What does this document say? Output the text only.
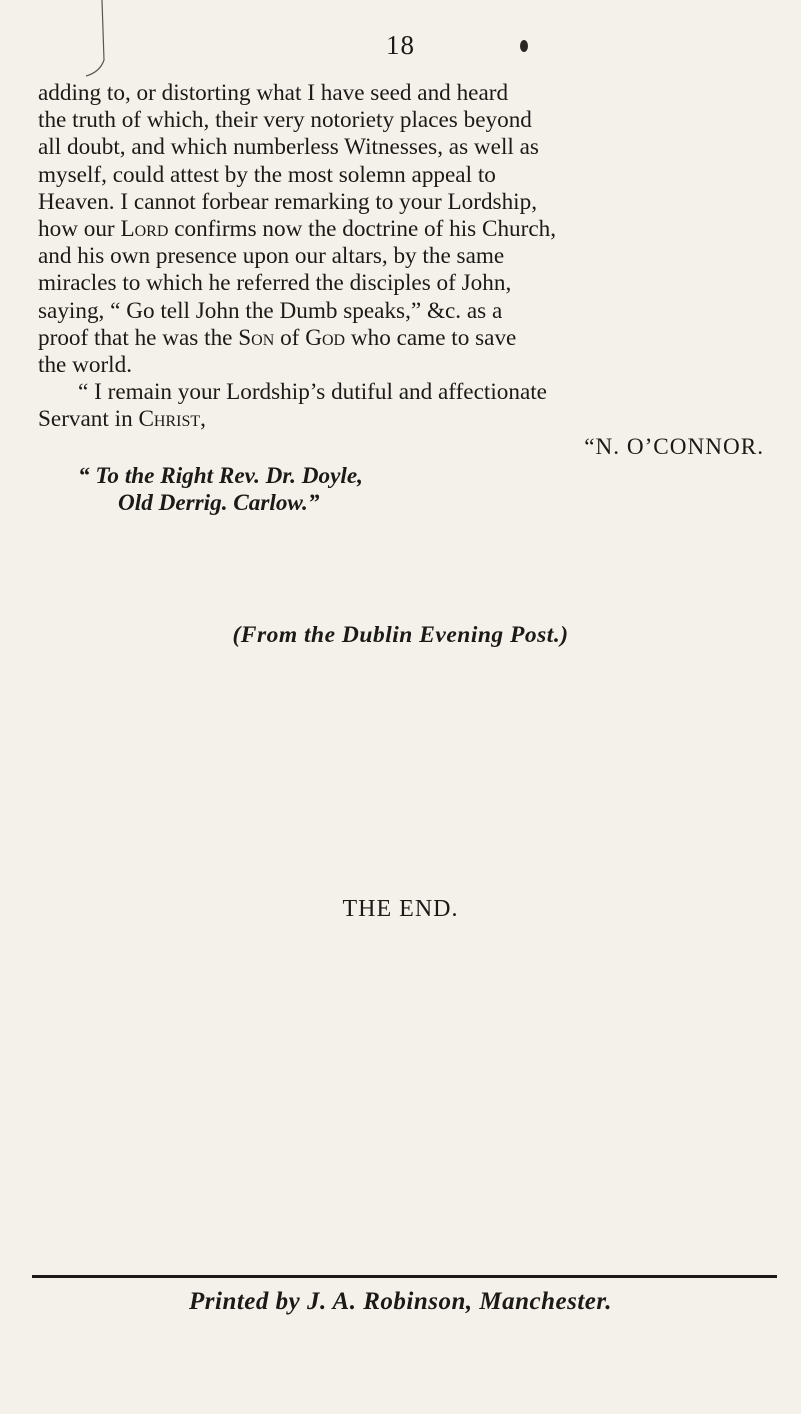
18

adding to, or distorting what I have seed and heard
the truth of which, their very notoriety places beyond
all doubt, and which numberless Witnesses, as well as
myself, could attest by the most solemn appeal to
Heaven. I cannot forbear remarking to your Lordship,
how our Lord confirms now the doctrine of his Church,
and his own presence upon our altars, by the same
miracles to which he referred the disciples of John,
saying, “ Go tell John the Dumb speaks,” &c. as a
proof that he was the Son of God who came to save
the world.

“ I remain your Lordship’s dutiful and affectionate

Servant in Christ,

“N. O’CONNOR.

“ To the Right Rev. Dr. Doyle,
Old Derrig. Carlow.”

(From the Dublin Evening Post.)
THE END.
Printed by J. A. Robinson, Manchester.
